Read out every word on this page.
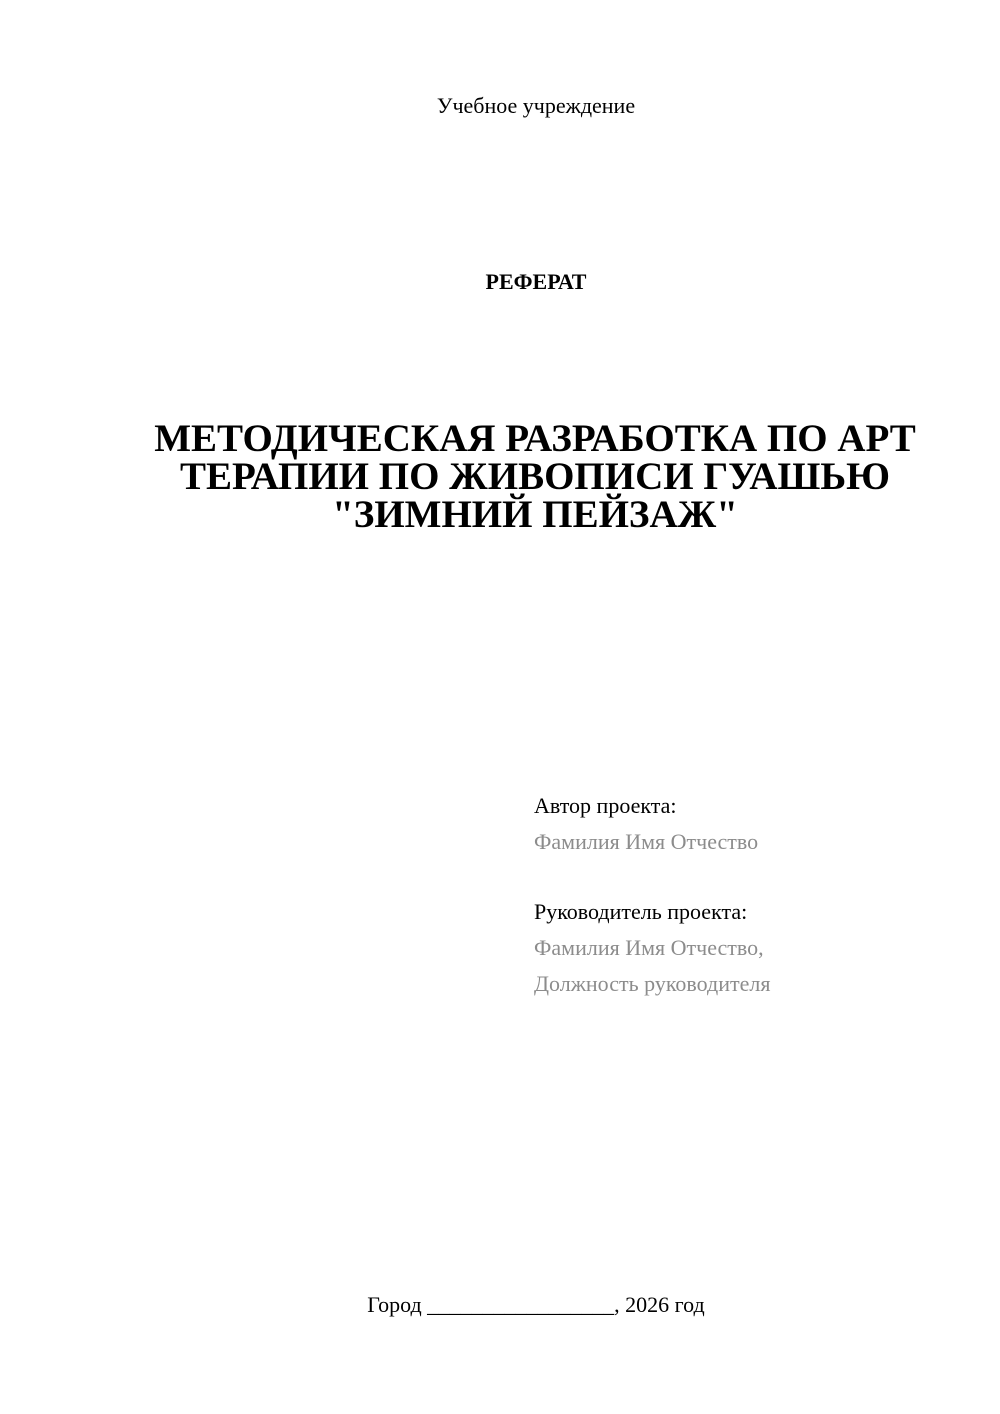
Учебное учреждение
РЕФЕРАТ
МЕТОДИЧЕСКАЯ РАЗРАБОТКА ПО АРТ
ТЕРАПИИ ПО ЖИВОПИСИ ГУАШЬЮ
"ЗИМНИЙ ПЕЙЗАЖ"
Автор проекта:
Фамилия Имя Отчество
Руководитель проекта:
Фамилия Имя Отчество,
Должность руководителя
Город _________________, 2026 год
